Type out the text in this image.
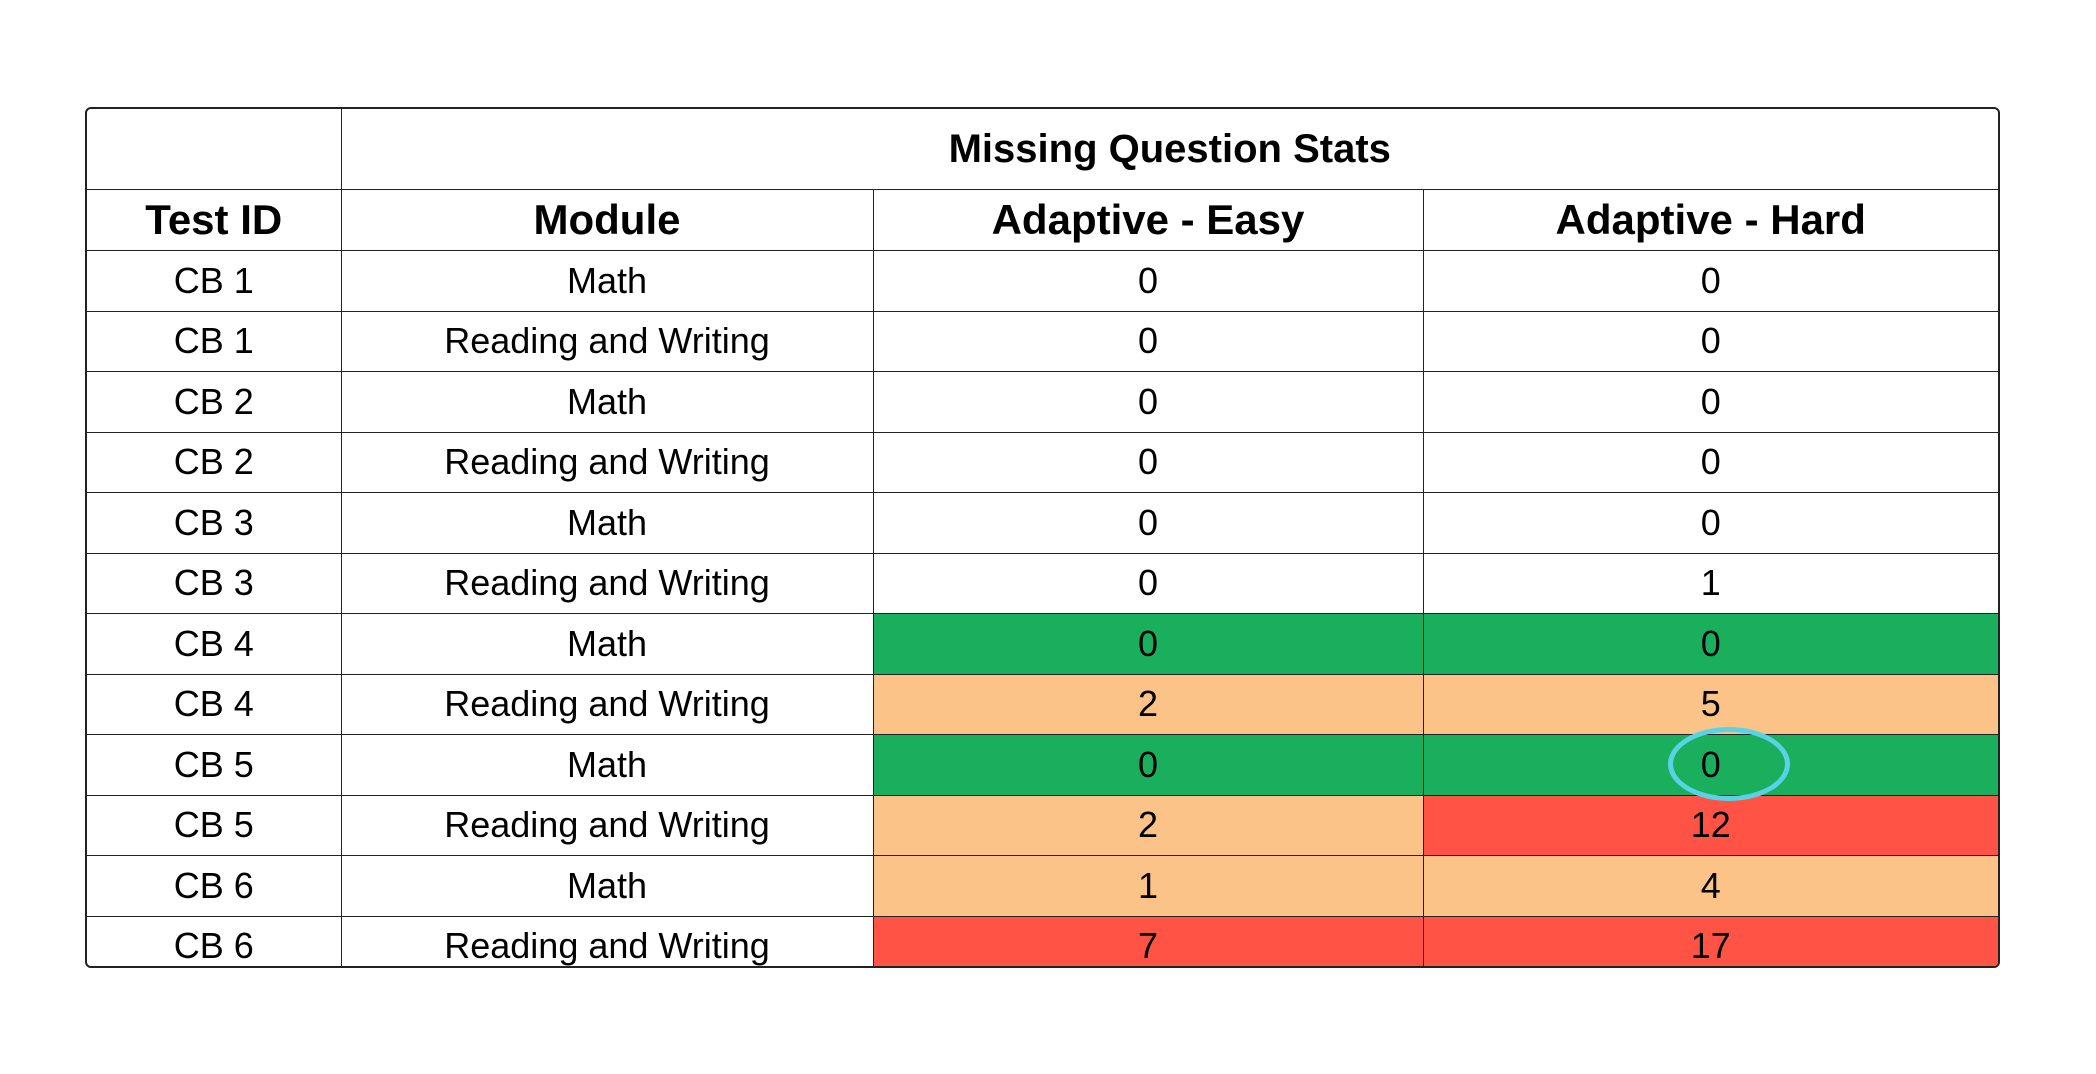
	Missing Question Stats		
Test ID	Module	Adaptive - Easy	Adaptive - Hard
CB 1	Math	0	0
CB 1	Reading and Writing	0	0
CB 2	Math	0	0
CB 2	Reading and Writing	0	0
CB 3	Math	0	0
CB 3	Reading and Writing	0	1
CB 4	Math	0	0
CB 4	Reading and Writing	2	5
CB 5	Math	0	0
CB 5	Reading and Writing	2	12
CB 6	Math	1	4
CB 6	Reading and Writing	7	17
